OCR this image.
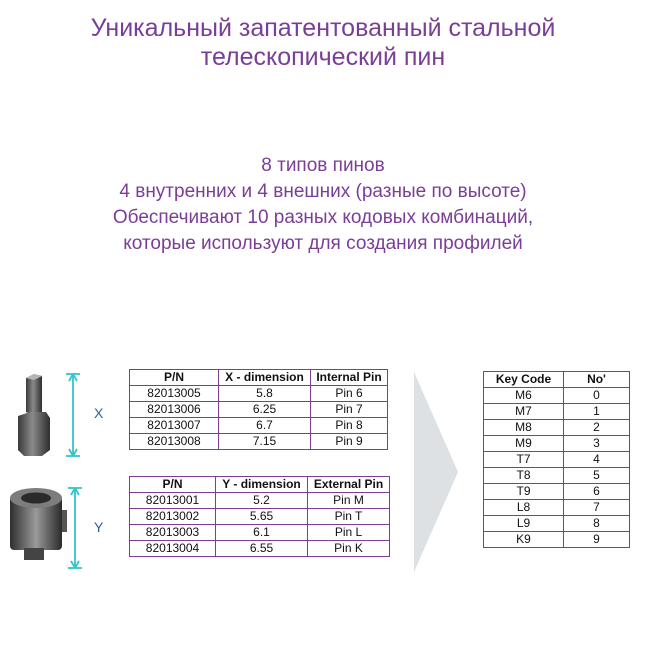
Уникальный запатентованный стальной
телескопический пин
8 типов пинов
4 внутренних и 4 внешних (разные по высоте)
Обеспечивают 10 разных кодовых комбинаций,
которые используют для создания профилей
X
Y
P/N	X - dimension	Internal Pin
82013005	5.8	Pin 6
82013006	6.25	Pin 7
82013007	6.7	Pin 8
82013008	7.15	Pin 9
P/N	Y - dimension	External Pin
82013001	5.2	Pin M
82013002	5.65	Pin T
82013003	6.1	Pin L
82013004	6.55	Pin K
Key Code	No'
M6	0
M7	1
M8	2
M9	3
T7	4
T8	5
T9	6
L8	7
L9	8
K9	9
